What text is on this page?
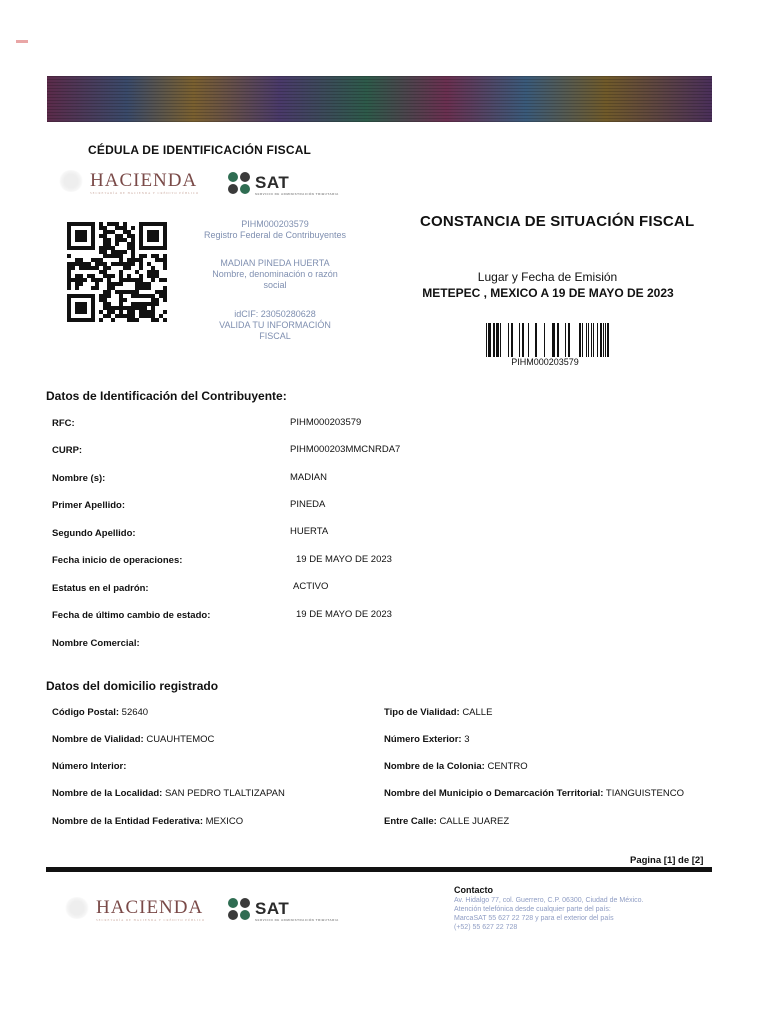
CÉDULA DE IDENTIFICACIÓN FISCAL
HACIENDA
SECRETARÍA DE HACIENDA Y CRÉDITO PÚBLICO
SAT
SERVICIO DE ADMINISTRACIÓN TRIBUTARIA
PIHM000203579
Registro Federal de Contribuyentes
MADIAN PINEDA HUERTA
Nombre, denominación o razón
social
idCIF: 23050280628
VALIDA TU INFORMACIÓN
FISCAL
CONSTANCIA DE SITUACIÓN FISCAL
Lugar y Fecha de Emisión
METEPEC , MEXICO A 19 DE MAYO DE 2023
PIHM000203579
Datos de Identificación del Contribuyente:
RFC:	PIHM000203579
CURP:	PIHM000203MMCNRDA7
Nombre (s):	MADIAN
Primer Apellido:	PINEDA
Segundo Apellido:	HUERTA
Fecha inicio de operaciones:	19 DE MAYO DE 2023
Estatus en el padrón:	ACTIVO
Fecha de último cambio de estado:	19 DE MAYO DE 2023
Nombre Comercial:
Datos del domicilio registrado
Código Postal: 52640
Nombre de Vialidad: CUAUHTEMOC
Número Interior:
Nombre de la Localidad: SAN PEDRO TLALTIZAPAN
Nombre de la Entidad Federativa: MEXICO
Tipo de Vialidad: CALLE
Número Exterior: 3
Nombre de la Colonia: CENTRO
Nombre del Municipio o Demarcación Territorial: TIANGUISTENCO
Entre Calle: CALLE JUAREZ
Pagina [1] de [2]
HACIENDA
SECRETARÍA DE HACIENDA Y CRÉDITO PÚBLICO
SAT
SERVICIO DE ADMINISTRACIÓN TRIBUTARIA
Contacto
Av. Hidalgo 77, col. Guerrero, C.P. 06300, Ciudad de México.
Atención telefónica desde cualquier parte del país:
MarcaSAT 55 627 22 728 y para el exterior del país
(+52) 55 627 22 728
